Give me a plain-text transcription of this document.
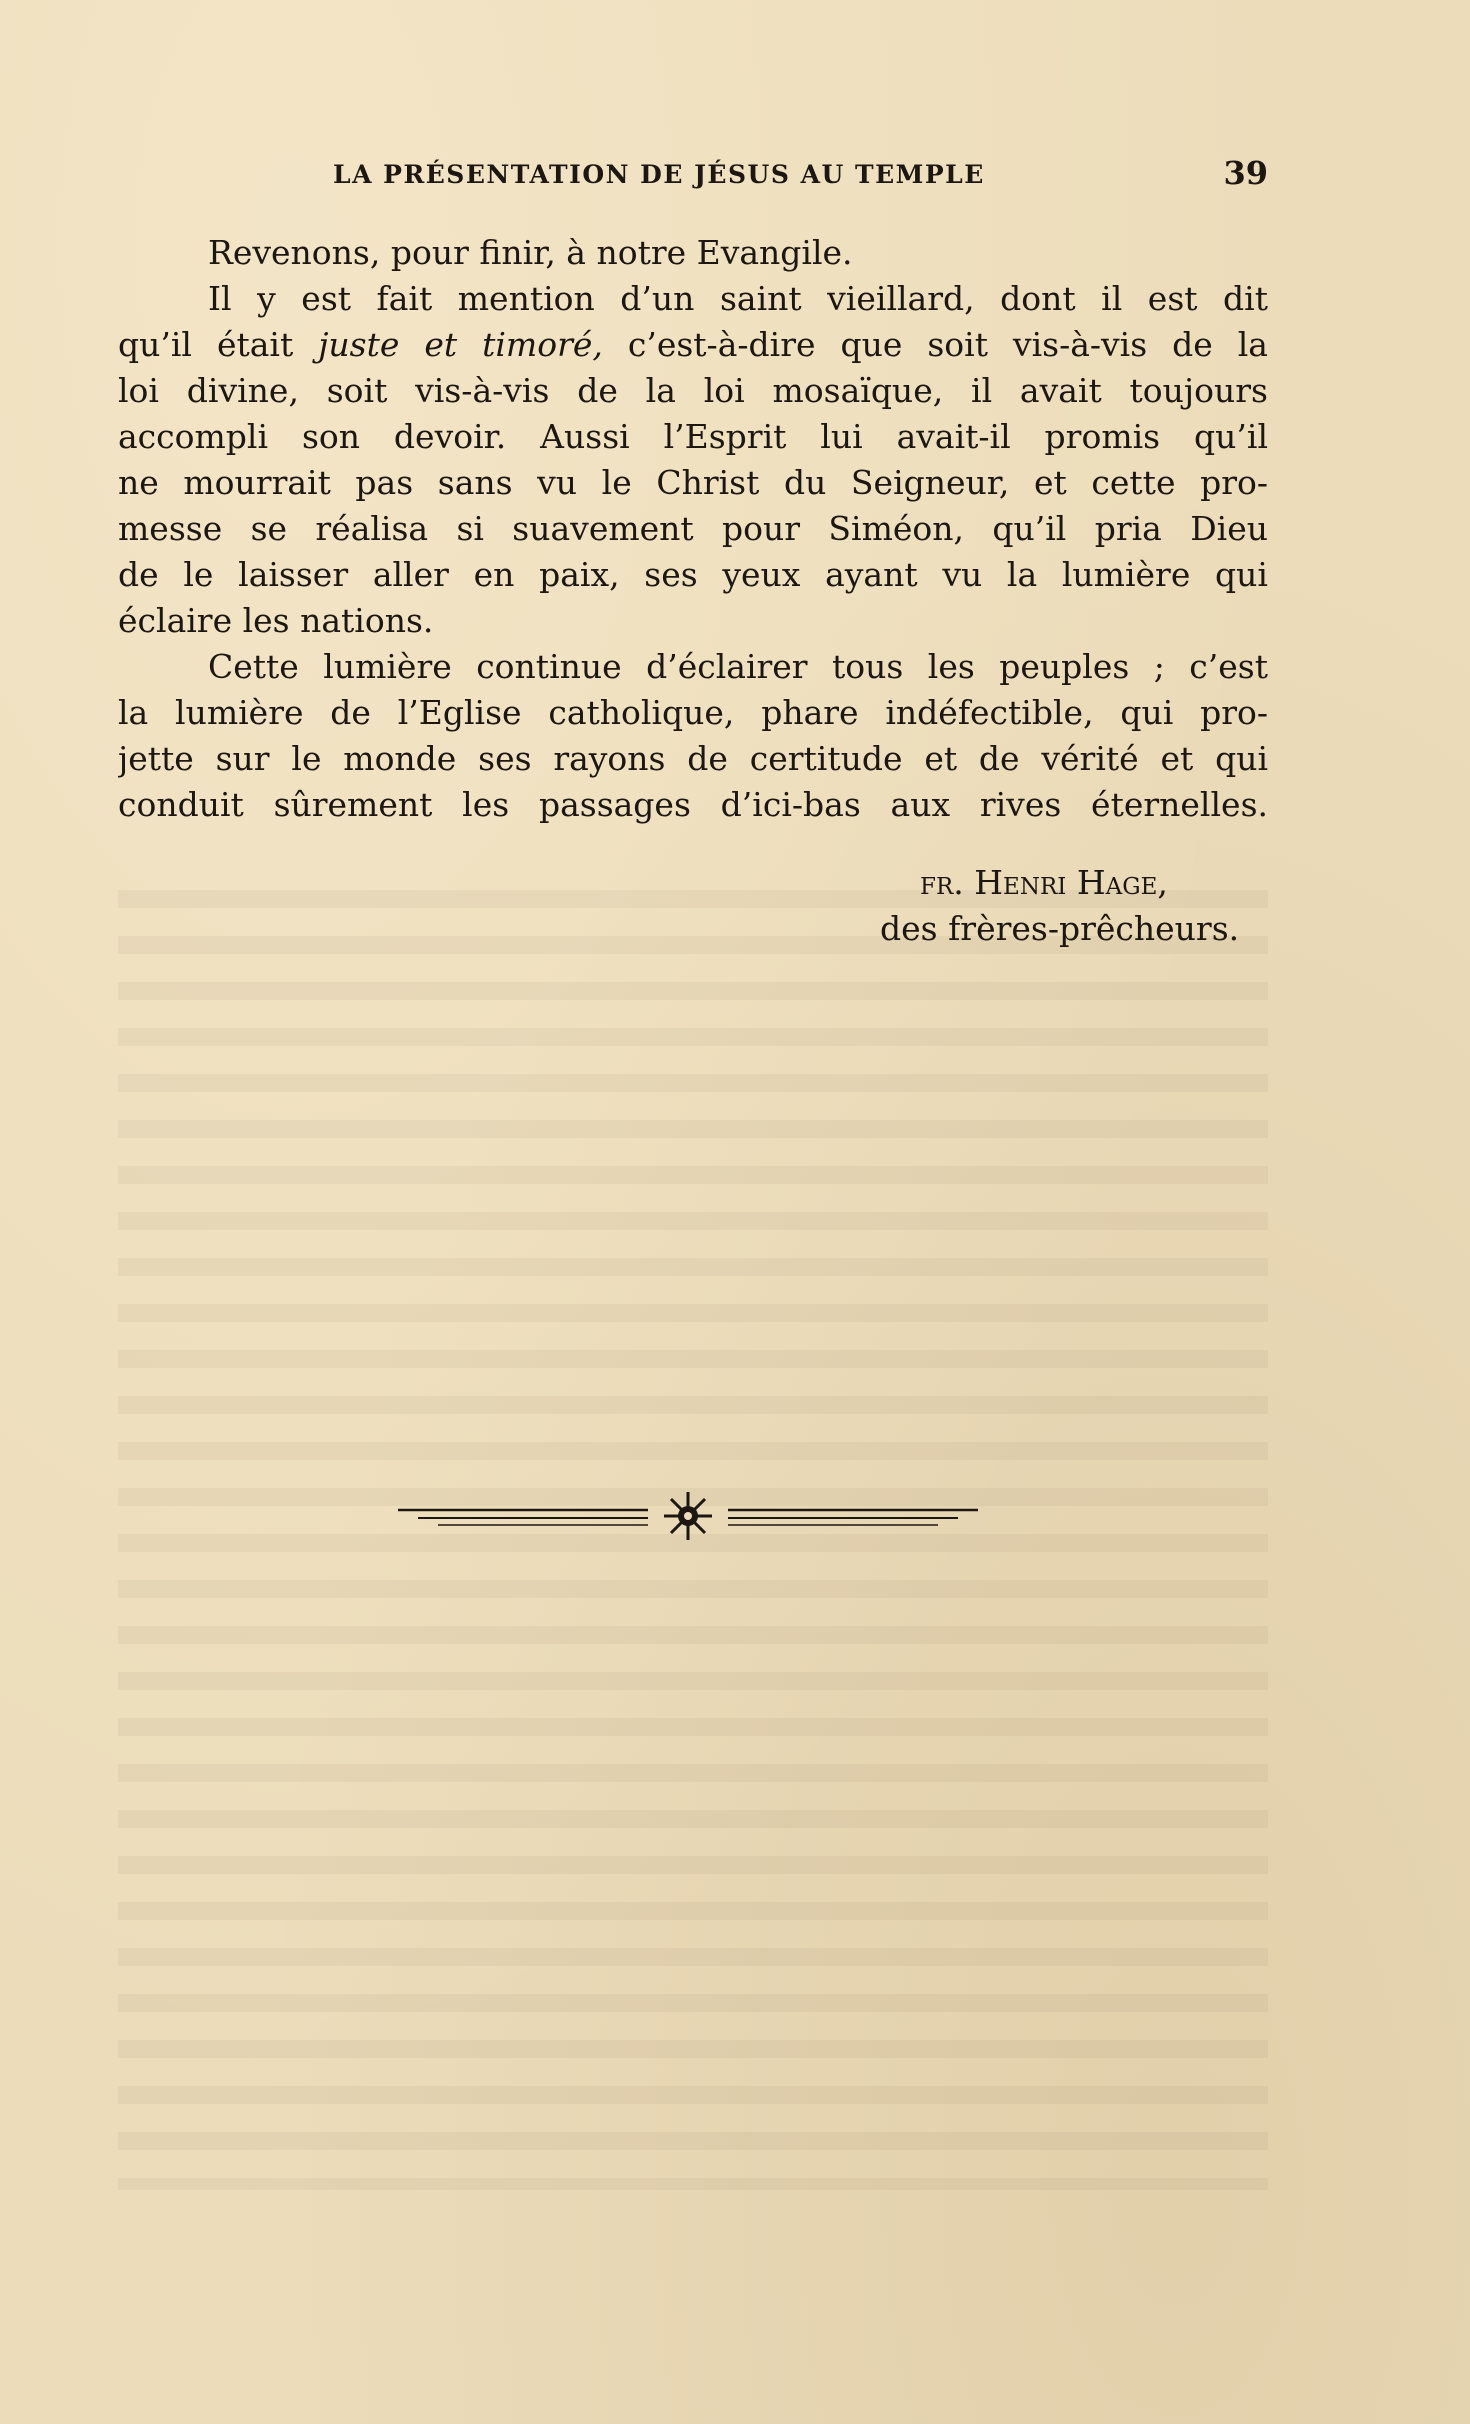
LA PRÉSENTATION DE JÉSUS AU TEMPLE	39
Revenons, pour finir, à notre Evangile.
Il y est fait mention d’un saint vieillard, dont il est dit
qu’il était juste et timoré, c’est-à-dire que soit vis-à-vis de la
loi divine, soit vis-à-vis de la loi mosaïque, il avait toujours
accompli son devoir. Aussi l’Esprit lui avait-il promis qu’il
ne mourrait pas sans vu le Christ du Seigneur, et cette pro-
messe se réalisa si suavement pour Siméon, qu’il pria Dieu
de le laisser aller en paix, ses yeux ayant vu la lumière qui
éclaire les nations.
Cette lumière continue d’éclairer tous les peuples ; c’est
la lumière de l’Eglise catholique, phare indéfectible, qui pro-
jette sur le monde ses rayons de certitude et de vérité et qui
conduit sûrement les passages d’ici-bas aux rives éternelles.
fr. Henri Hage,
des frères-prêcheurs.
